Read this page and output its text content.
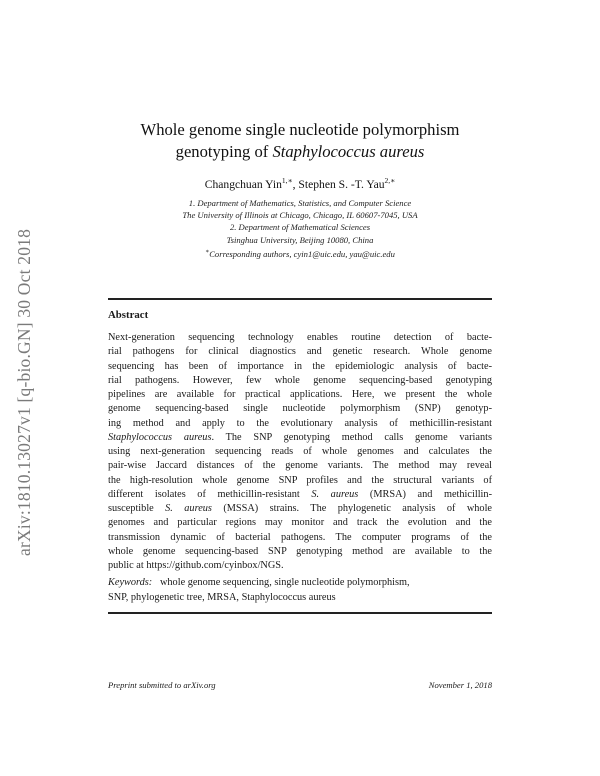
arXiv:1810.13027v1 [q-bio.GN] 30 Oct 2018
Whole genome single nucleotide polymorphism
genotyping of Staphylococcus aureus
Changchuan Yin$^{1,∗}$, Stephen S. -T. Yau$^{2,∗}$
1. Department of Mathematics, Statistics, and Computer Science
The University of Illinois at Chicago, Chicago, IL 60607-7045, USA
2. Department of Mathematical Sciences
Tsinghua University, Beijing 10080, China
∗Corresponding authors, cyin1@uic.edu, yau@uic.edu
Abstract
Next-generation sequencing technology enables routine detection of bacte-
rial pathogens for clinical diagnostics and genetic research. Whole genome
sequencing has been of importance in the epidemiologic analysis of bacte-
rial pathogens. However, few whole genome sequencing-based genotyping
pipelines are available for practical applications. Here, we present the whole
genome sequencing-based single nucleotide polymorphism (SNP) genotyp-
ing method and apply to the evolutionary analysis of methicillin-resistant
Staphylococcus aureus. The SNP genotyping method calls genome variants
using next-generation sequencing reads of whole genomes and calculates the
pair-wise Jaccard distances of the genome variants. The method may reveal
the high-resolution whole genome SNP profiles and the structural variants of
different isolates of methicillin-resistant S. aureus (MRSA) and methicillin-
susceptible S. aureus (MSSA) strains. The phylogenetic analysis of whole
genomes and particular regions may monitor and track the evolution and the
transmission dynamic of bacterial pathogens. The computer programs of the
whole genome sequencing-based SNP genotyping method are available to the
public at https://github.com/cyinbox/NGS.
Keywords: whole genome sequencing, single nucleotide polymorphism,
SNP, phylogenetic tree, MRSA, Staphylococcus aureus
Preprint submitted to arXiv.org	November 1, 2018
